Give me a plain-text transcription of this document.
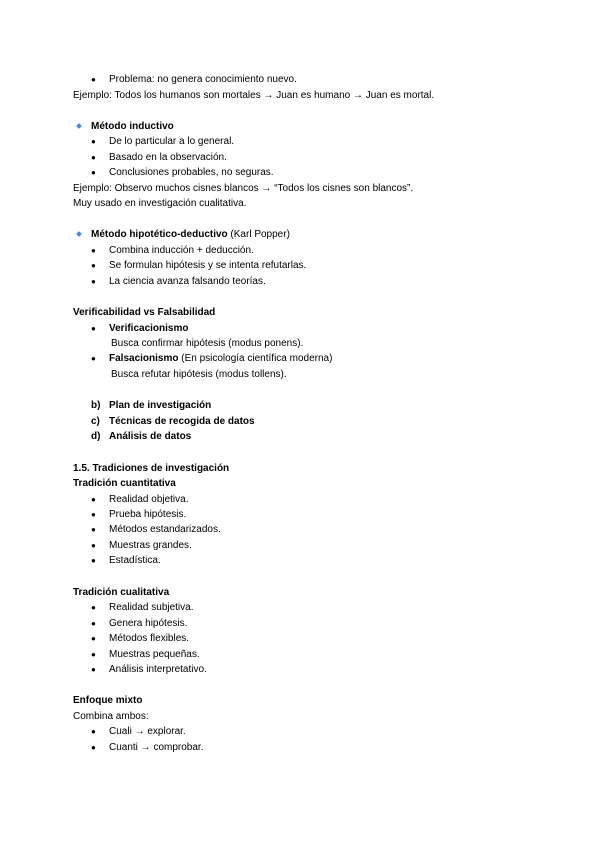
● Problema: no genera conocimiento nuevo.
Ejemplo: Todos los humanos son mortales → Juan es humano → Juan es mortal.
Método inductivo
● De lo particular a lo general.
● Basado en la observación.
● Conclusiones probables, no seguras.
Ejemplo: Observo muchos cisnes blancos → “Todos los cisnes son blancos”.
Muy usado en investigación cualitativa.
Método hipotético-deductivo (Karl Popper)
● Combina inducción + deducción.
● Se formulan hipótesis y se intenta refutarlas.
● La ciencia avanza falsando teorías.
Verificabilidad vs Falsabilidad
● Verificacionismo
Busca confirmar hipótesis (modus ponens).
● Falsacionismo (En psicología científica moderna)
Busca refutar hipótesis (modus tollens).
b) Plan de investigación
c) Técnicas de recogida de datos
d) Análisis de datos
1.5. Tradiciones de investigación
Tradición cuantitativa
● Realidad objetiva.
● Prueba hipótesis.
● Métodos estandarizados.
● Muestras grandes.
● Estadística.
Tradición cualitativa
● Realidad subjetiva.
● Genera hipótesis.
● Métodos flexibles.
● Muestras pequeñas.
● Análisis interpretativo.
Enfoque mixto
Combina ambos:
● Cuali → explorar.
● Cuanti → comprobar.
